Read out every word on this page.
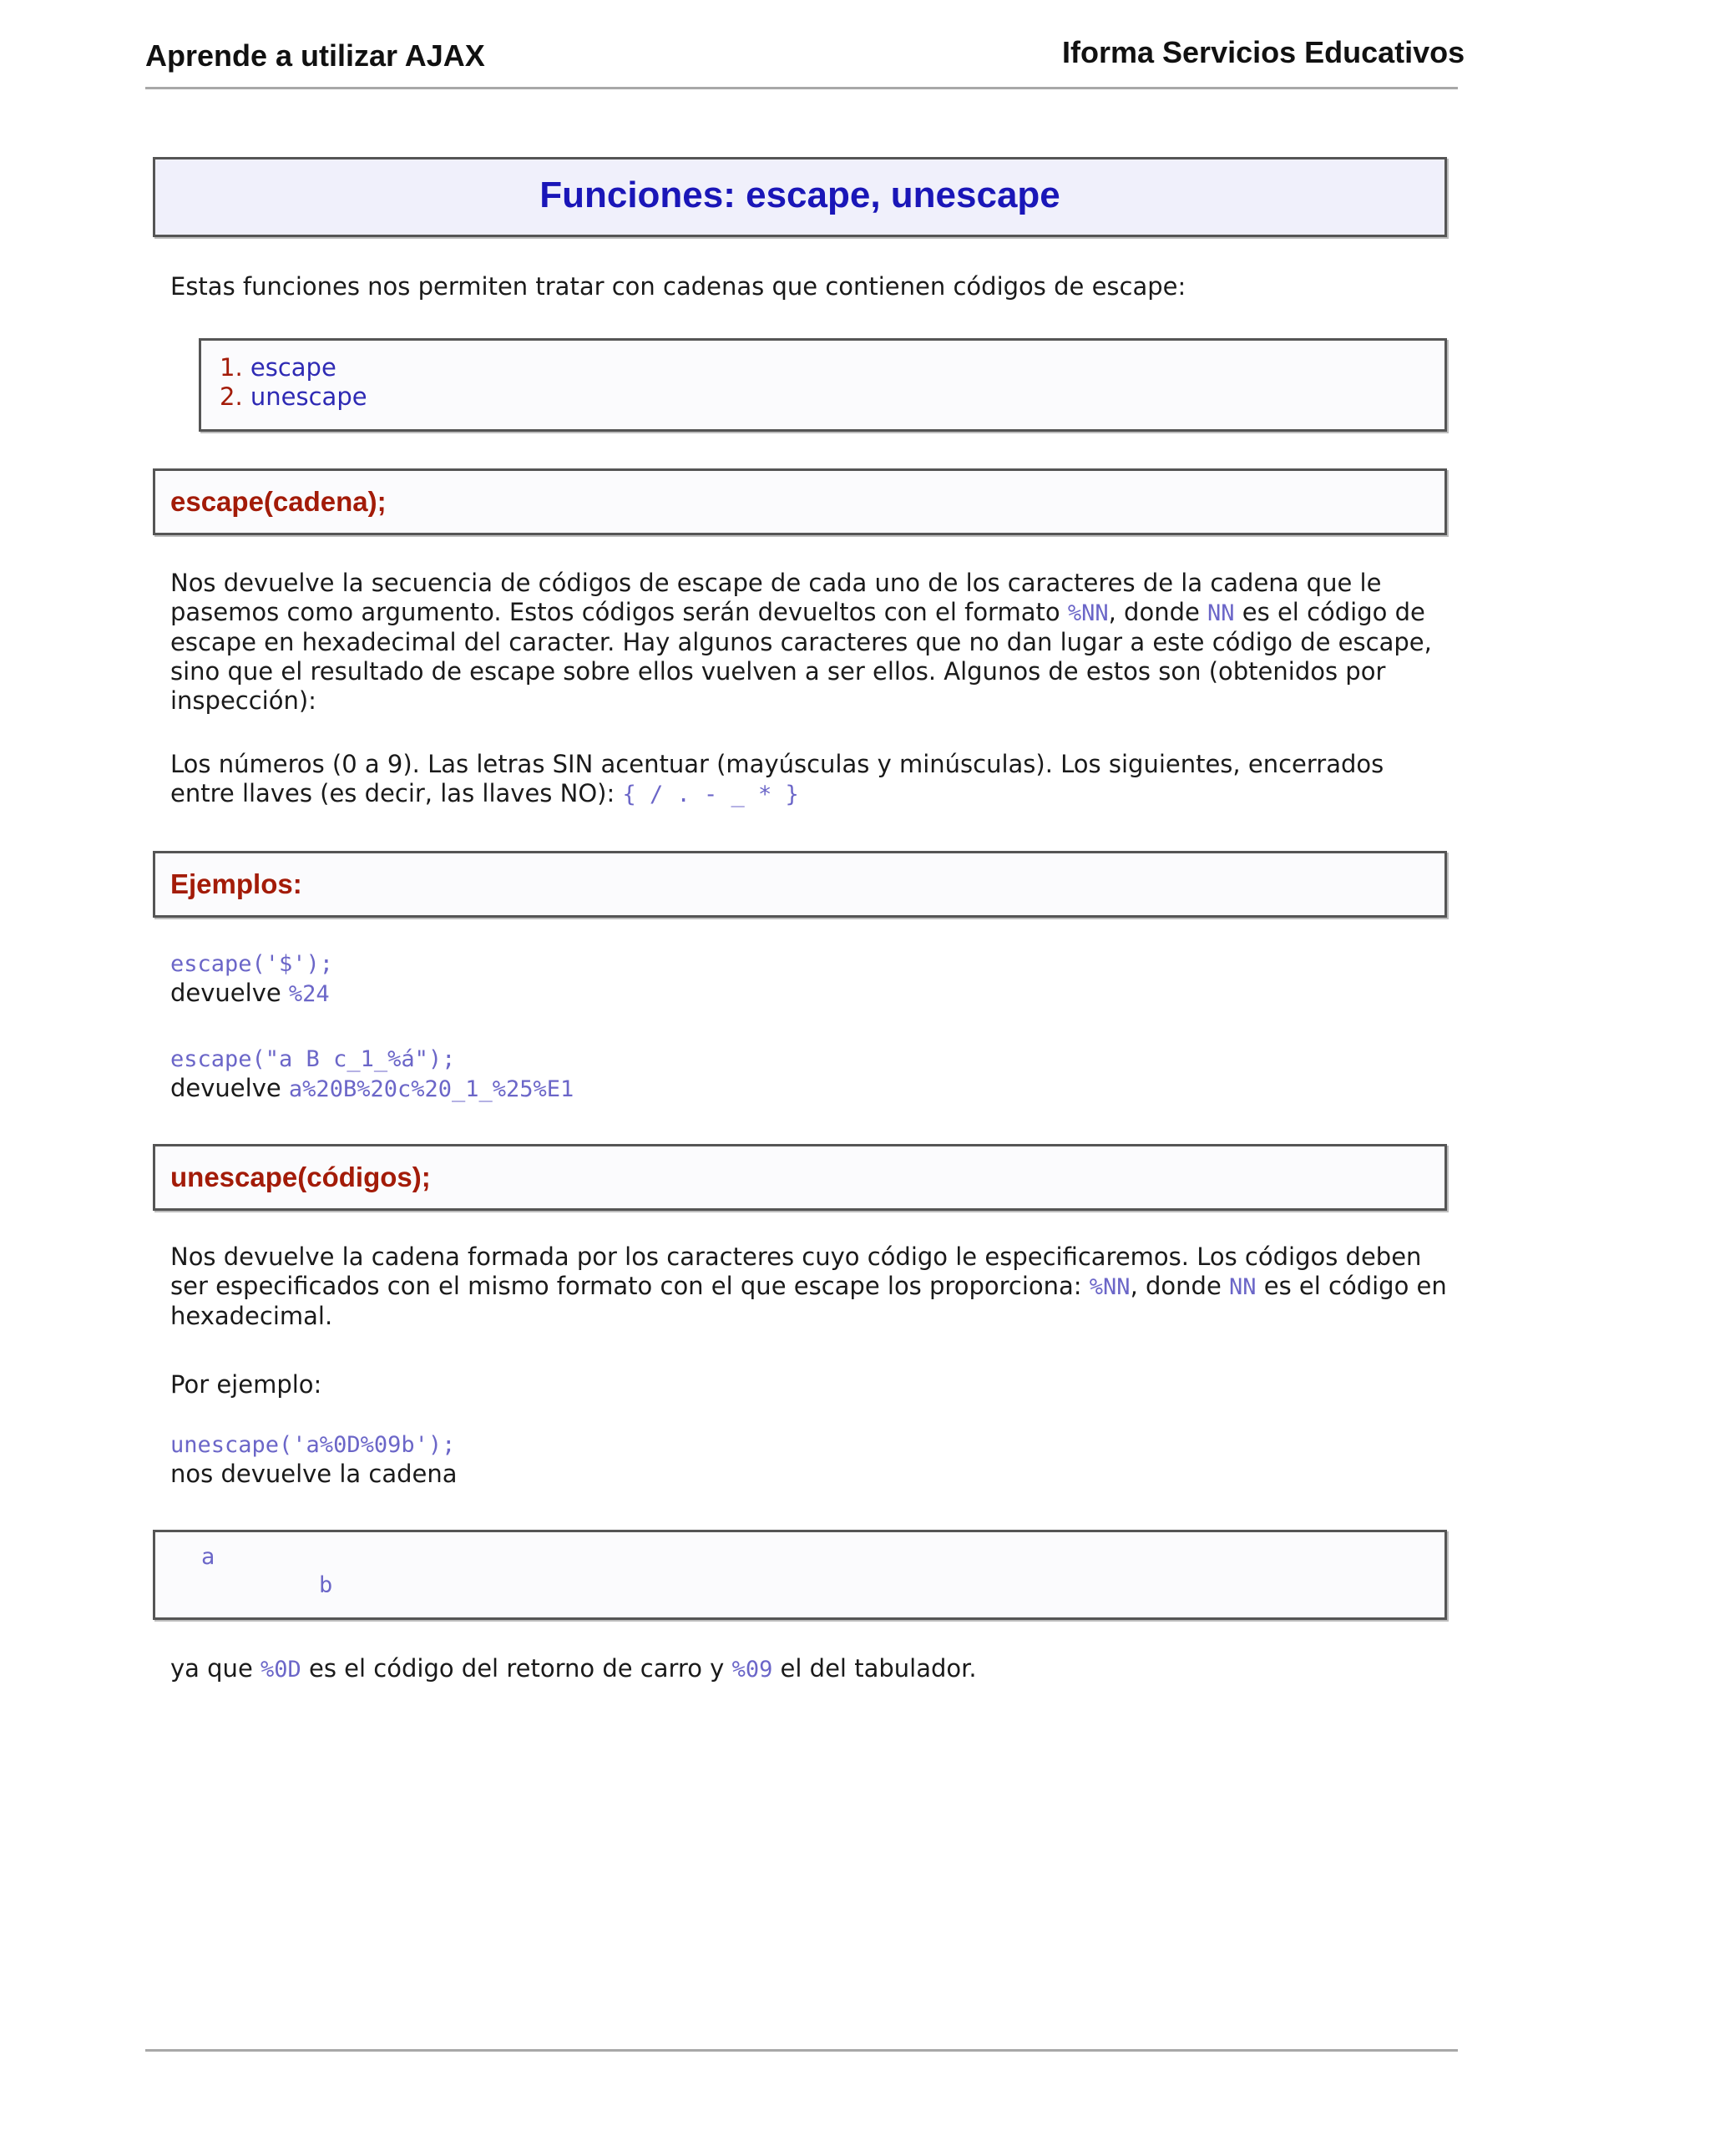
Aprende a utilizar AJAX	Iforma Servicios Educativos
Funciones: escape, unescape
Estas funciones nos permiten tratar con cadenas que contienen códigos de escape:
1. escape
2. unescape
escape(cadena);
Nos devuelve la secuencia de códigos de escape de cada uno de los caracteres de la cadena que le
pasemos como argumento. Estos códigos serán devueltos con el formato %NN, donde NN es el código de
escape en hexadecimal del caracter. Hay algunos caracteres que no dan lugar a este código de escape,
sino que el resultado de escape sobre ellos vuelven a ser ellos. Algunos de estos son (obtenidos por
inspección):
Los números (0 a 9). Las letras SIN acentuar (mayúsculas y minúsculas). Los siguientes, encerrados
entre llaves (es decir, las llaves NO): { / . - _ * }
Ejemplos:
escape('$');
devuelve %24
escape("a B c_1_%á");
devuelve a%20B%20c%20_1_%25%E1
unescape(códigos);
Nos devuelve la cadena formada por los caracteres cuyo código le especificaremos. Los códigos deben
ser especificados con el mismo formato con el que escape los proporciona: %NN, donde NN es el código en
hexadecimal.
Por ejemplo:
unescape('a%0D%09b');
nos devuelve la cadena
a
b
ya que %0D es el código del retorno de carro y %09 el del tabulador.
